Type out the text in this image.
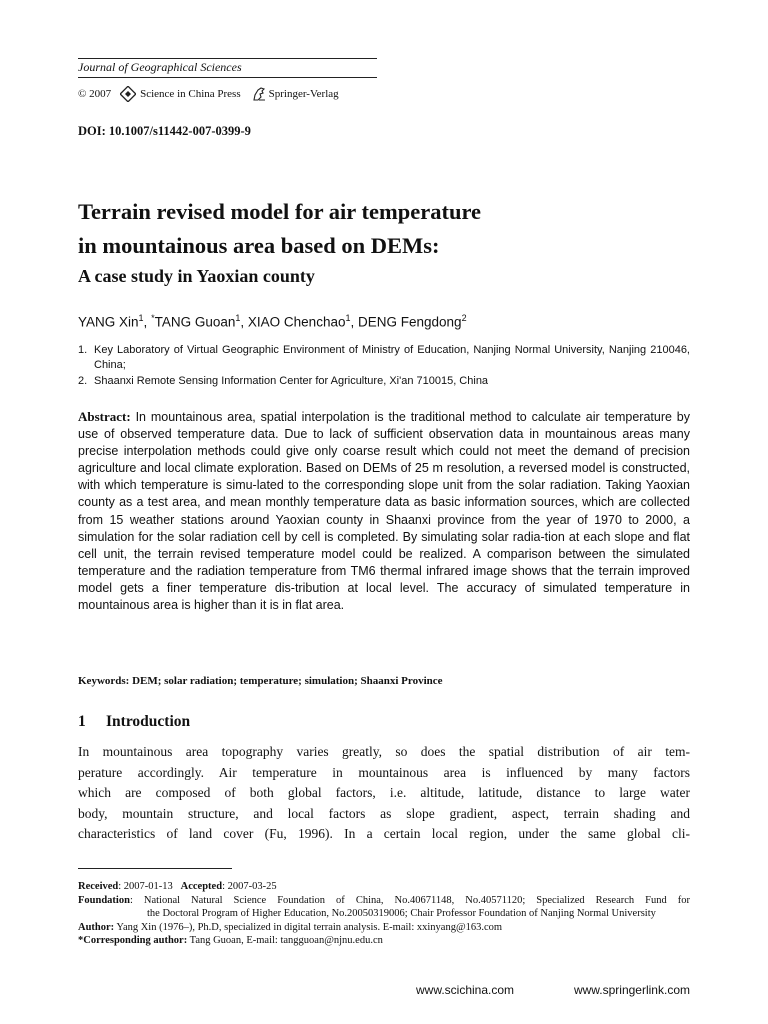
Journal of Geographical Sciences
© 2007	Science in China Press	Springer-Verlag
DOI: 10.1007/s11442-007-0399-9
Terrain revised model for air temperature
in mountainous area based on DEMs:
A case study in Yaoxian county
YANG Xin$^1$, *TANG Guoan$^1$, XIAO Chenchao$^1$, DENG Fengdong$^2$
1. Key Laboratory of Virtual Geographic Environment of Ministry of Education, Nanjing Normal University, Nanjing 210046, China;
2. Shaanxi Remote Sensing Information Center for Agriculture, Xi'an 710015, China
Abstract: In mountainous area, spatial interpolation is the traditional method to calculate air temperature by use of observed temperature data. Due to lack of sufficient observation data in mountainous areas many precise interpolation methods could give only coarse result which could not meet the demand of precision agriculture and local climate exploration. Based on DEMs of 25 m resolution, a reversed model is constructed, with which temperature is simu-lated to the corresponding slope unit from the solar radiation. Taking Yaoxian county as a test area, and mean monthly temperature data as basic information sources, which are collected from 15 weather stations around Yaoxian county in Shaanxi province from the year of 1970 to 2000, a simulation for the solar radiation cell by cell is completed. By simulating solar radia-tion at each slope and flat cell unit, the terrain revised temperature model could be realized. A comparison between the simulated temperature and the radiation temperature from TM6 thermal infrared image shows that the terrain improved model gets a finer temperature dis-tribution at local level. The accuracy of simulated temperature in mountainous area is higher than it is in flat area.
Keywords: DEM; solar radiation; temperature; simulation; Shaanxi Province
1 Introduction
In mountainous area topography varies greatly, so does the spatial distribution of air tem-
perature accordingly. Air temperature in mountainous area is influenced by many factors
which are composed of both global factors, i.e. altitude, latitude, distance to large water
body, mountain structure, and local factors as slope gradient, aspect, terrain shading and
characteristics of land cover (Fu, 1996). In a certain local region, under the same global cli-
Received: 2007-01-13 Accepted: 2007-03-25
Foundation : National Natural Science Foundation of China, No.40671148, No.40571120; Specialized Research Fund for
the Doctoral Program of Higher Education, No.20050319006; Chair Professor Foundation of Nanjing Normal University
Author: Yang Xin (1976–), Ph.D, specialized in digital terrain analysis. E-mail: xxinyang@163.com
*Corresponding author: Tang Guoan, E-mail: tangguoan@njnu.edu.cn
www.scichina.com	www.springerlink.com
